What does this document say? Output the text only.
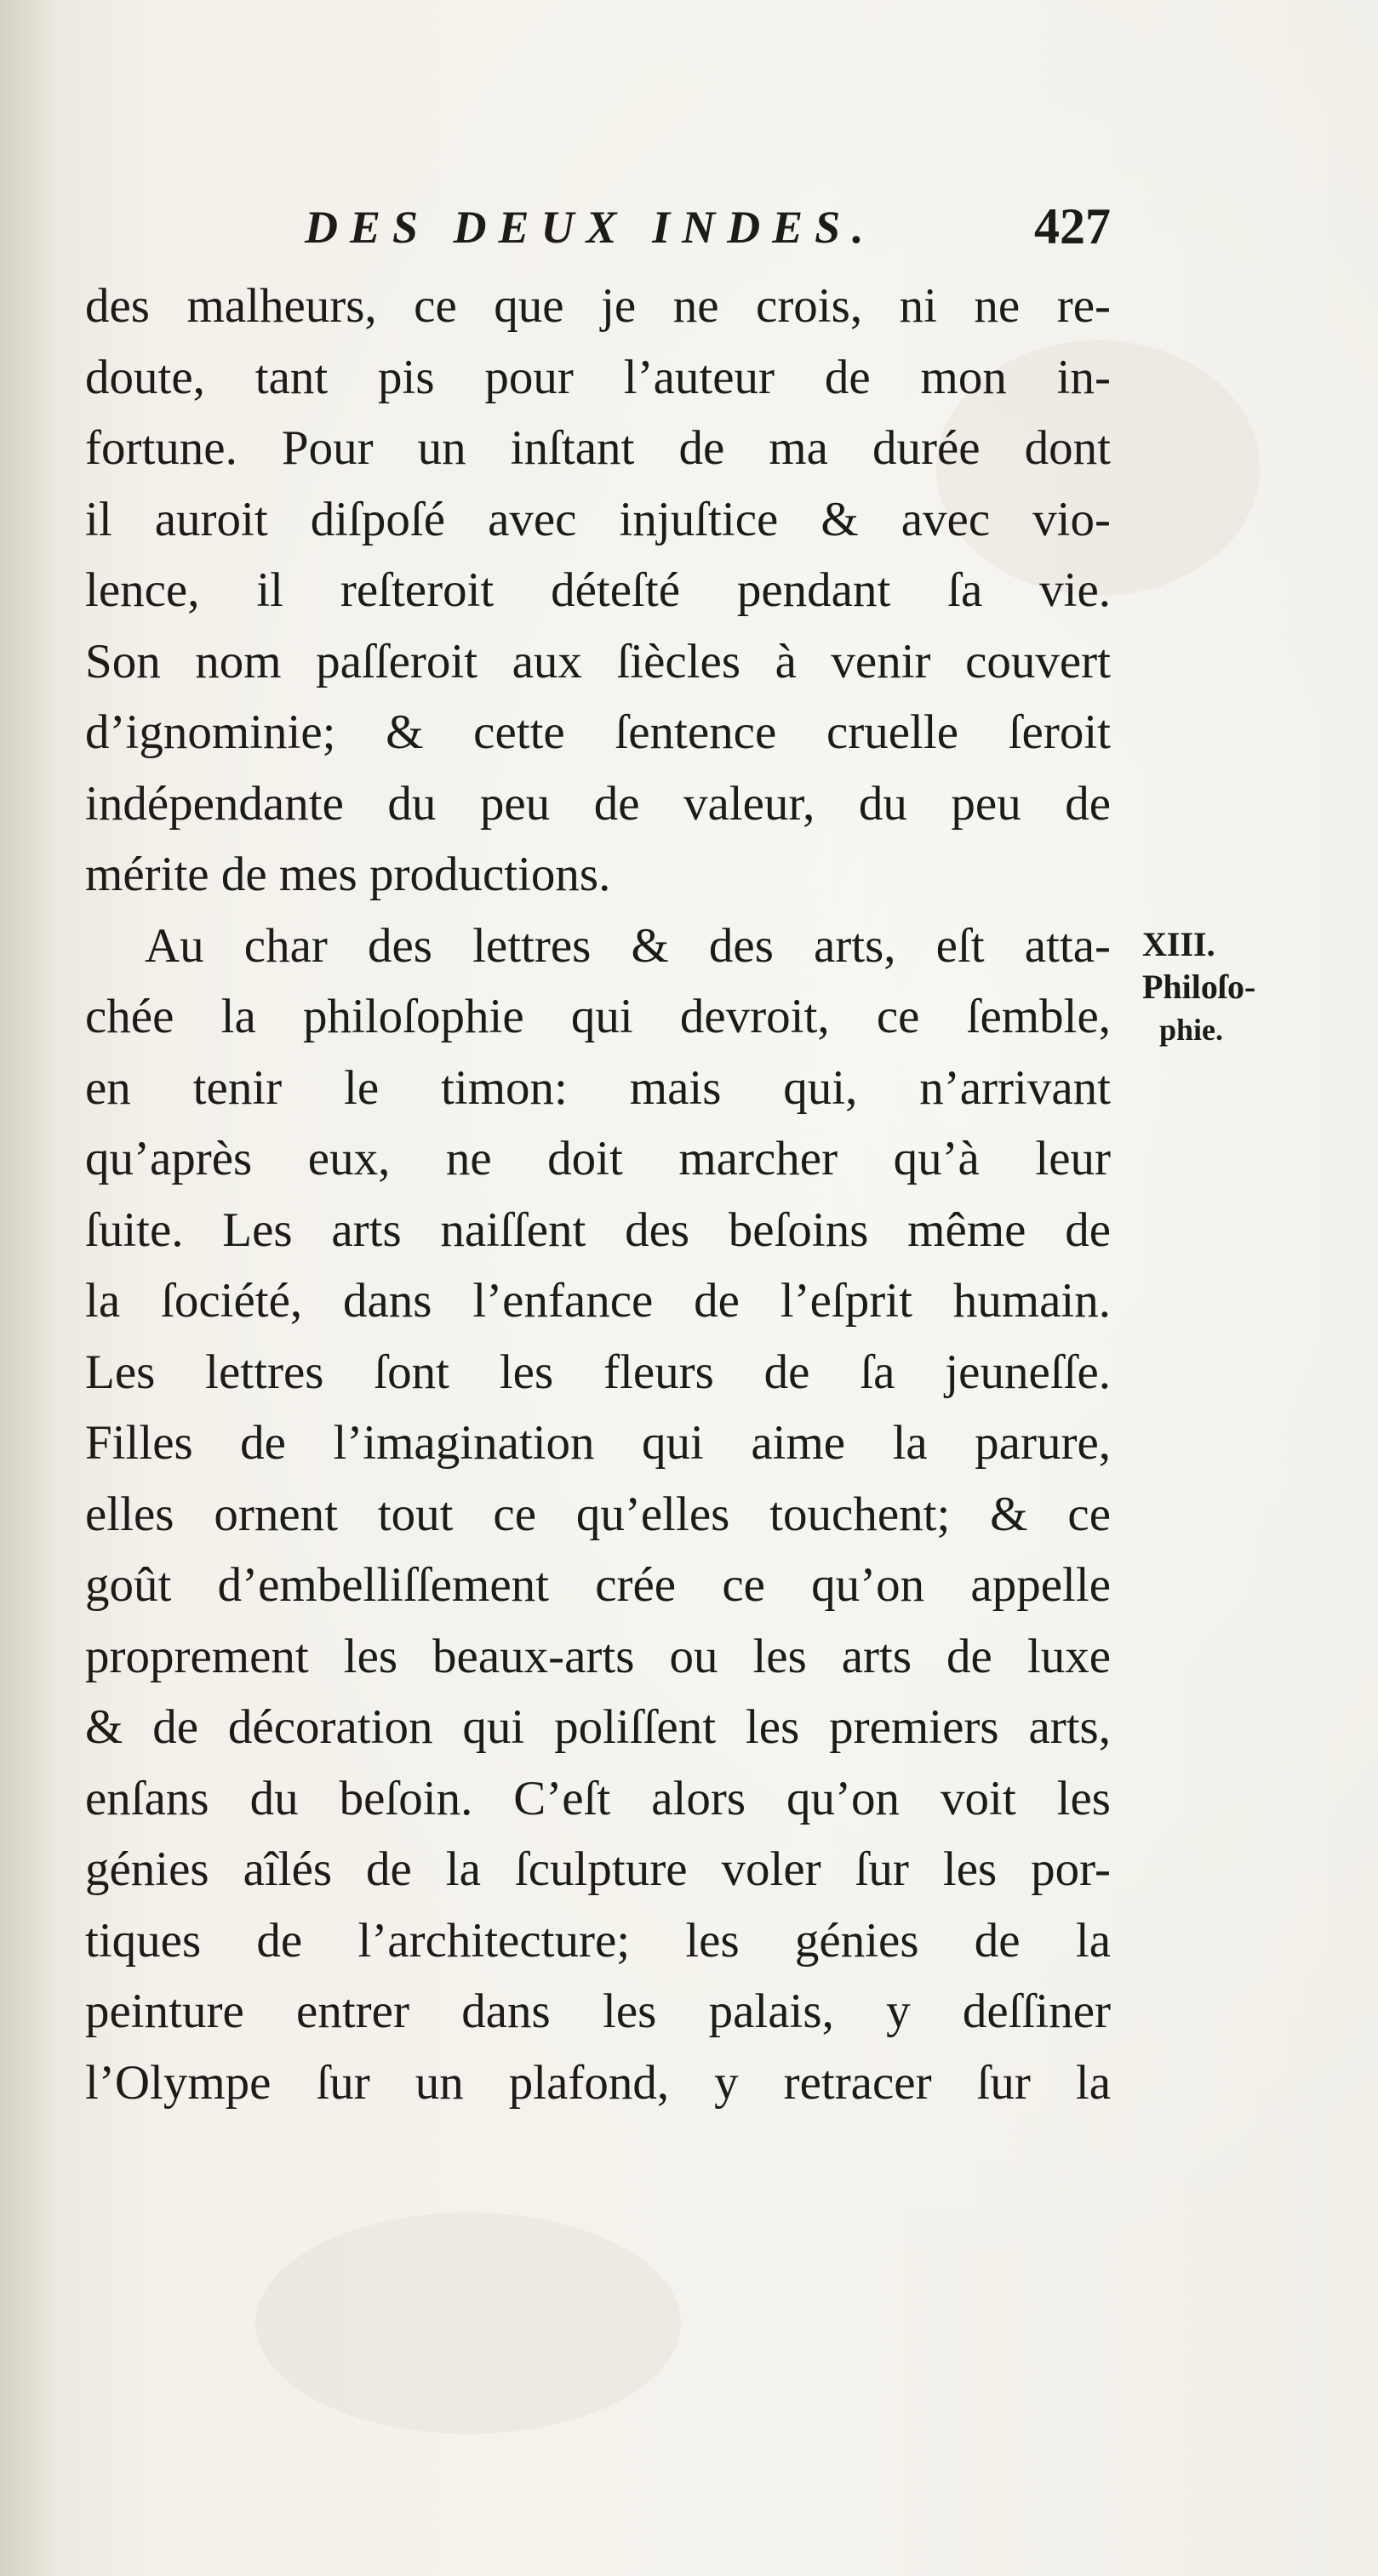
DES DEUX INDES.	427
des malheurs, ce que je ne crois, ni ne re-
doute, tant pis pour l’auteur de mon in-
fortune. Pour un inſtant de ma durée dont
il auroit diſpoſé avec injuſtice & avec vio-
lence, il reſteroit déteſté pendant ſa vie.
Son nom paſſeroit aux ſiècles à venir couvert
d’ignominie; & cette ſentence cruelle ſeroit
indépendante du peu de valeur, du peu de
mérite de mes productions.
Au char des lettres & des arts, eſt atta-
chée la philoſophie qui devroit, ce ſemble,
en tenir le timon: mais qui, n’arrivant
qu’après eux, ne doit marcher qu’à leur
ſuite. Les arts naiſſent des beſoins même de
la ſociété, dans l’enfance de l’eſprit humain.
Les lettres ſont les fleurs de ſa jeuneſſe.
Filles de l’imagination qui aime la parure,
elles ornent tout ce qu’elles touchent; & ce
goût d’embelliſſement crée ce qu’on appelle
proprement les beaux-arts ou les arts de luxe
& de décoration qui poliſſent les premiers arts,
enſans du beſoin. C’eſt alors qu’on voit les
génies aîlés de la ſculpture voler ſur les por-
tiques de l’architecture; les génies de la
peinture entrer dans les palais, y deſſiner
l’Olympe ſur un plafond, y retracer ſur la
XIII.
Philoſo-
phie.
